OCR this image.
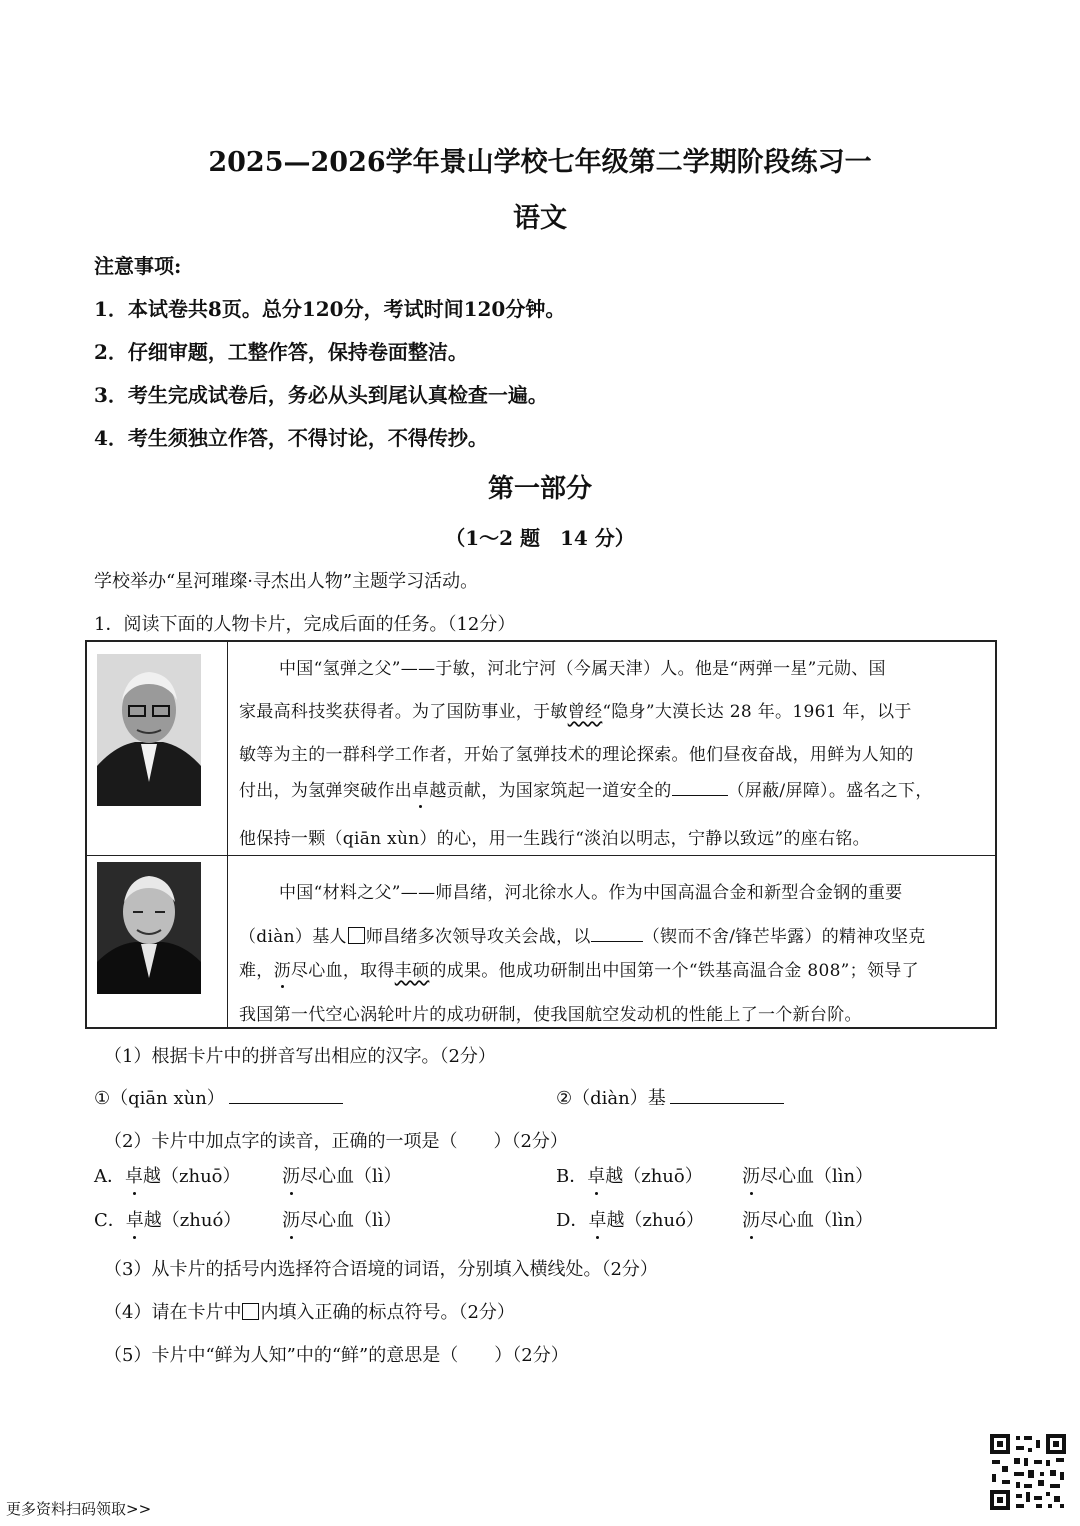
2025—2026学年景山学校七年级第二学期阶段练习一
语文
注意事项:
1．本试卷共8页。总分120分，考试时间120分钟。
2．仔细审题，工整作答，保持卷面整洁。
3．考生完成试卷后，务必从头到尾认真检查一遍。
4．考生须独立作答，不得讨论，不得传抄。
第一部分
（1～2 题　14 分）
学校举办“星河璀璨·寻杰出人物”主题学习活动。
1．阅读下面的人物卡片，完成后面的任务。（12分）
中国“氢弹之父”——于敏，河北宁河（今属天津）人。他是“两弹一星”元勋、国
家最高科技奖获得者。为了国防事业，于敏曾经“隐身”大漠长达 28 年。1961 年，以于
敏等为主的一群科学工作者，开始了氢弹技术的理论探索。他们昼夜奋战，用鲜为人知的
付出，为氢弹突破作出卓越贡献，为国家筑起一道安全的	（屏蔽/屏障）。盛名之下，
他保持一颗（qiān xùn）的心，用一生践行“淡泊以明志，宁静以致远”的座右铭。
中国“材料之父”——师昌绪，河北徐水人。作为中国高温合金和新型合金钢的重要
（diàn）基人 师昌绪多次领导攻关会战，以	（锲而不舍/锋芒毕露）的精神攻坚克
难，沥尽心血，取得丰硕的成果。他成功研制出中国第一个“铁基高温合金 808”；领导了
我国第一代空心涡轮叶片的成功研制，使我国航空发动机的性能上了一个新台阶。
（1）根据卡片中的拼音写出相应的汉字。（2分）
①（qiān xùn）	②（diàn）基
（2）卡片中加点字的读音，正确的一项是（　　）（2分）
A．卓越（zhuō） 沥尽心血（lì）	B．卓越（zhuō） 沥尽心血（lìn）
C．卓越（zhuó） 沥尽心血（lì）	D．卓越（zhuó） 沥尽心血（lìn）
（3）从卡片的括号内选择符合语境的词语，分别填入横线处。（2分）
（4）请在卡片中 内填入正确的标点符号。（2分）
（5）卡片中“鲜为人知”中的“鲜”的意思是（　　）（2分）
更多资料扫码领取>>
